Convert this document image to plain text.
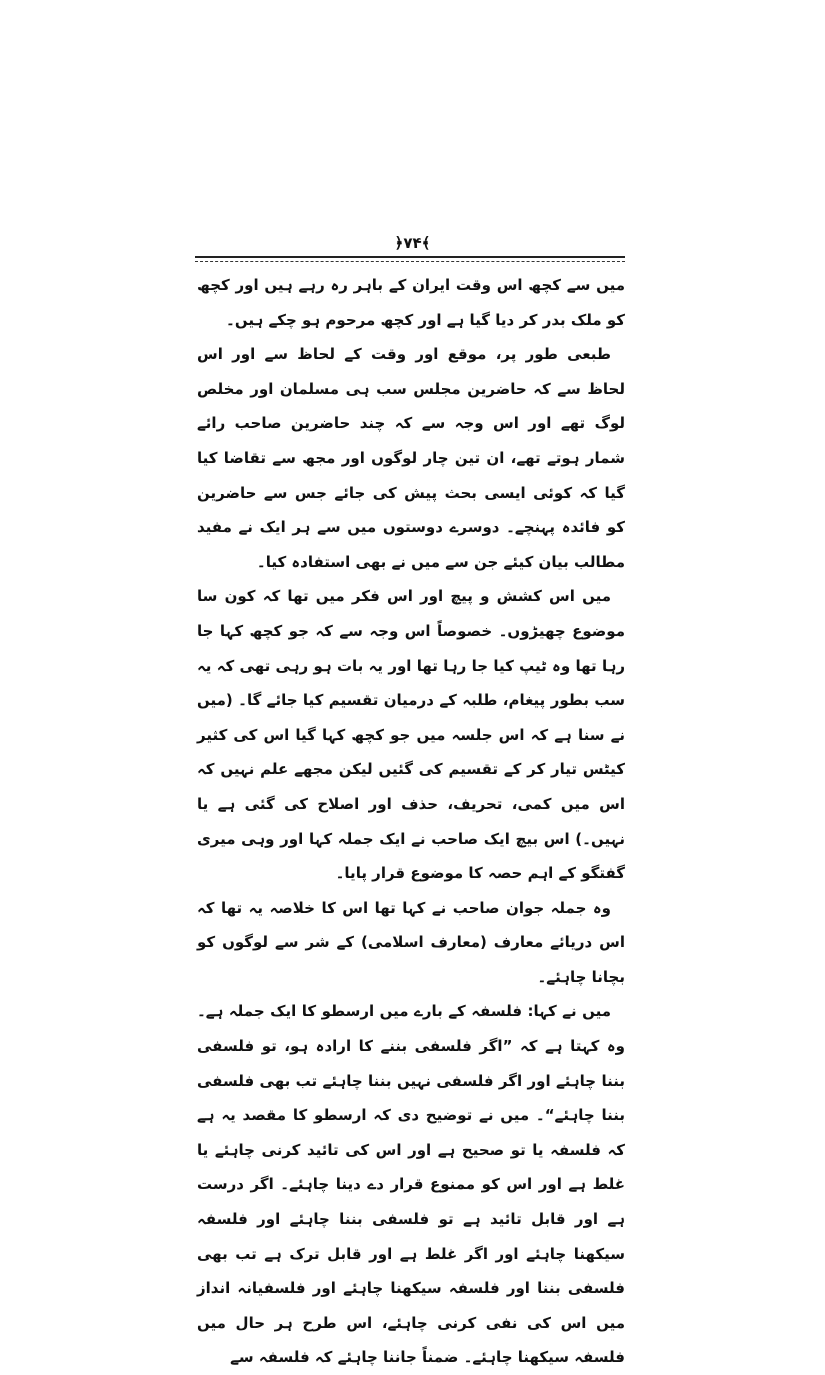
﴿۷۴﴾

میں سے کچھ اس وقت ایران کے باہر رہ رہے ہیں اور کچھ کو ملک بدر کر دیا گیا ہے اور کچھ مرحوم ہو چکے ہیں۔

طبعی طور پر، موقع اور وقت کے لحاظ سے اور اس لحاظ سے کہ حاضرین مجلس سب ہی مسلمان اور مخلص لوگ تھے اور اس وجہ سے کہ چند حاضرین صاحب رائے شمار ہوتے تھے، ان تین چار لوگوں اور مجھ سے تقاضا کیا گیا کہ کوئی ایسی بحث پیش کی جائے جس سے حاضرین کو فائدہ پہنچے۔ دوسرے دوستوں میں سے ہر ایک نے مفید مطالب بیان کیئے جن سے میں نے بھی استفادہ کیا۔

میں اس کشش و پیچ اور اس فکر میں تھا کہ کون سا موضوع چھیڑوں۔ خصوصاً اس وجہ سے کہ جو کچھ کہا جا رہا تھا وہ ٹیپ کیا جا رہا تھا اور یہ بات ہو رہی تھی کہ یہ سب بطور پیغام، طلبہ کے درمیان تقسیم کیا جائے گا۔ (میں نے سنا ہے کہ اس جلسہ میں جو کچھ کہا گیا اس کی کثیر کیٹس تیار کر کے تقسیم کی گئیں لیکن مجھے علم نہیں کہ اس میں کمی، تحریف، حذف اور اصلاح کی گئی ہے یا نہیں۔) اس بیچ ایک صاحب نے ایک جملہ کہا اور وہی میری گفتگو کے اہم حصہ کا موضوع قرار پایا۔

وہ جملہ جوان صاحب نے کہا تھا اس کا خلاصہ یہ تھا کہ اس دریائے معارف (معارف اسلامی) کے شر سے لوگوں کو بچانا چاہئے۔

میں نے کہا: فلسفہ کے بارے میں ارسطو کا ایک جملہ ہے۔ وہ کہتا ہے کہ ”اگر فلسفی بننے کا ارادہ ہو، تو فلسفی بننا چاہئے اور اگر فلسفی نہیں بننا چاہئے تب بھی فلسفی بننا چاہئے“۔ میں نے توضیح دی کہ ارسطو کا مقصد یہ ہے کہ فلسفہ یا تو صحیح ہے اور اس کی تائید کرنی چاہئے یا غلط ہے اور اس کو ممنوع قرار دے دینا چاہئے۔ اگر درست ہے اور قابل تائید ہے تو فلسفی بننا چاہئے اور فلسفہ سیکھنا چاہئے اور اگر غلط ہے اور قابل ترک ہے تب بھی فلسفی بننا اور فلسفہ سیکھنا چاہئے اور فلسفیانہ انداز میں اس کی نفی کرنی چاہئے، اس طرح ہر حال میں فلسفہ سیکھنا چاہئے۔ ضمناً جاننا چاہئے کہ فلسفہ سے
